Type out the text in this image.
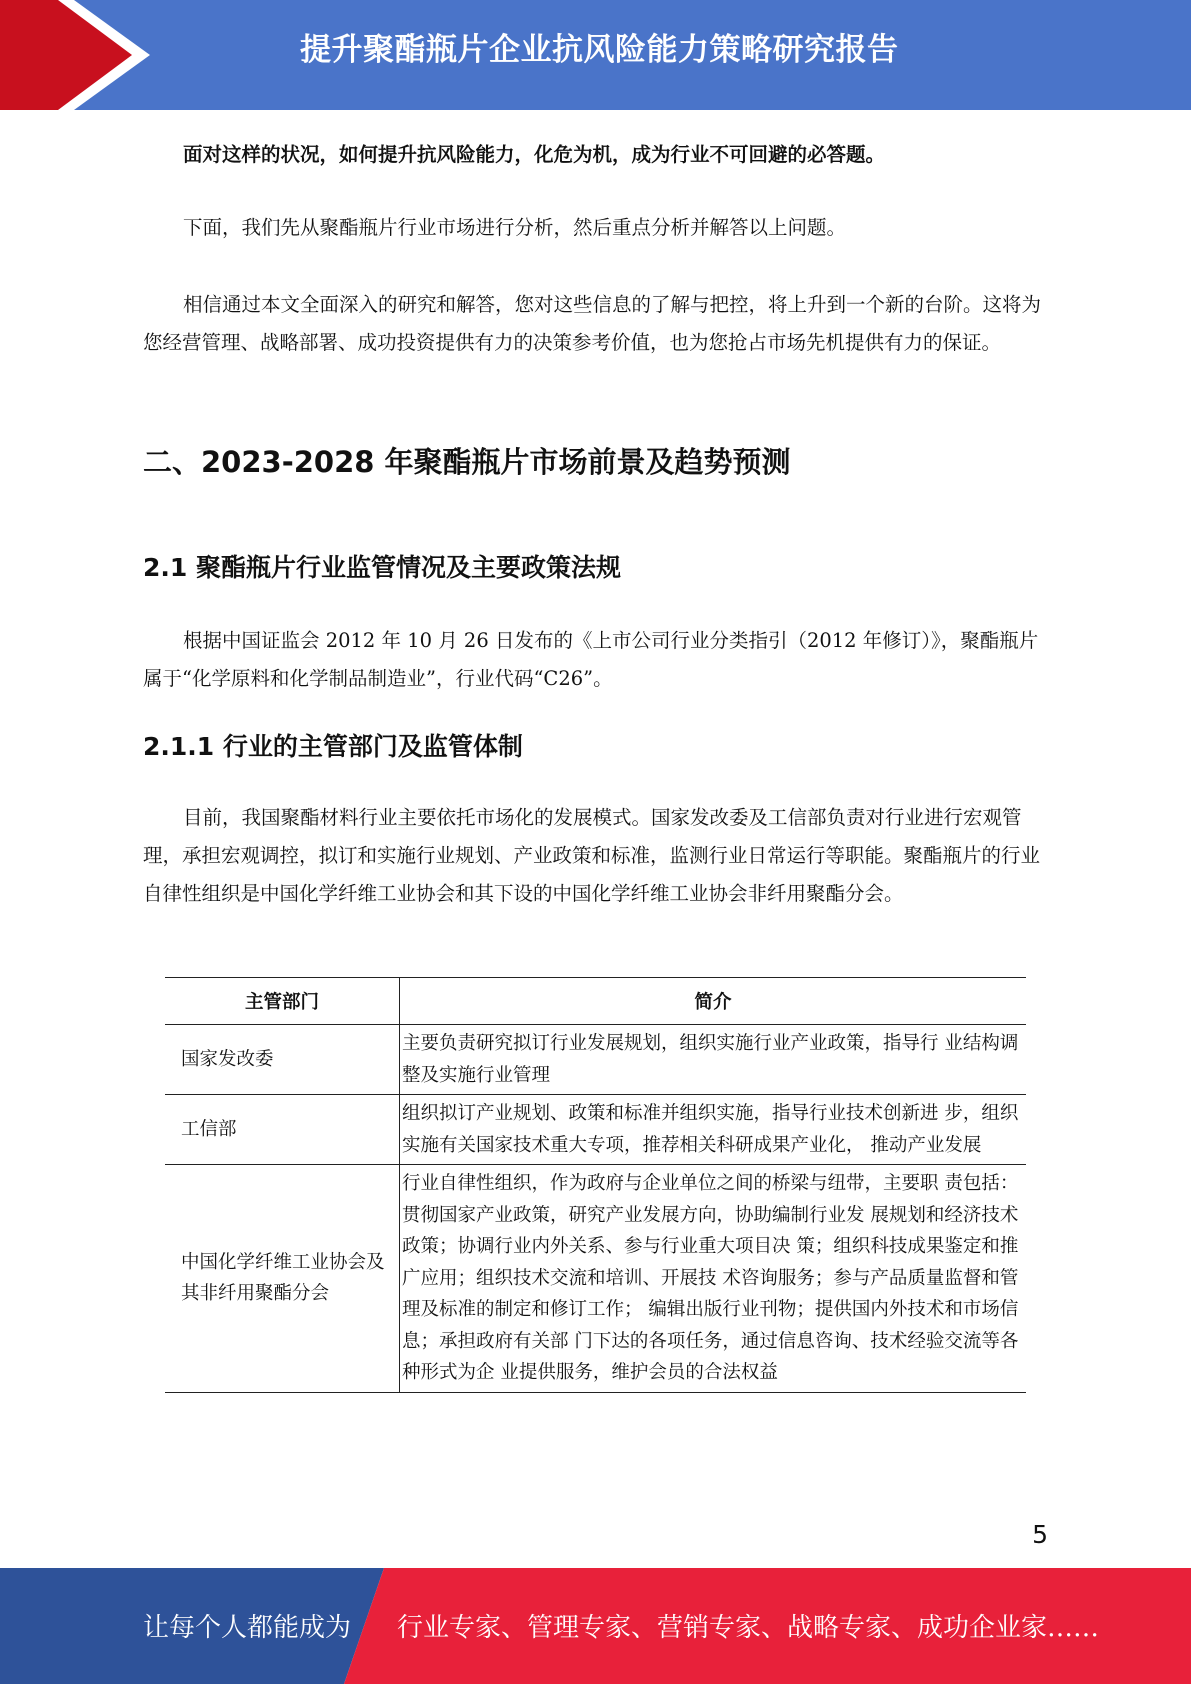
提升聚酯瓶片企业抗风险能力策略研究报告

面对这样的状况，如何提升抗风险能力，化危为机，成为行业不可回避的必答题。

下面，我们先从聚酯瓶片行业市场进行分析，然后重点分析并解答以上问题。

相信通过本文全面深入的研究和解答，您对这些信息的了解与把控，将上升到一个新的台阶。这将为您经营管理、战略部署、成功投资提供有力的决策参考价值，也为您抢占市场先机提供有力的保证。

二、2023-2028 年聚酯瓶片市场前景及趋势预测
2.1 聚酯瓶片行业监管情况及主要政策法规

根据中国证监会 2012 年 10 月 26 日发布的《上市公司行业分类指引（2012 年修订）》，聚酯瓶片属于“化学原料和化学制品制造业”，行业代码“C26”。

2.1.1 行业的主管部门及监管体制

目前，我国聚酯材料行业主要依托市场化的发展模式。国家发改委及工信部负责对行业进行宏观管理，承担宏观调控，拟订和实施行业规划、产业政策和标准，监测行业日常运行等职能。聚酯瓶片的行业自律性组织是中国化学纤维工业协会和其下设的中国化学纤维工业协会非纤用聚酯分会。

主管部门	简介
国家发改委	主要负责研究拟订行业发展规划，组织实施行业产业政策，指导行 业结构调整及实施行业管理
工信部	组织拟订产业规划、政策和标准并组织实施，指导行业技术创新进 步，组织实施有关国家技术重大专项，推荐相关科研成果产业化， 推动产业发展
中国化学纤维工业协会及其非纤用聚酯分会	行业自律性组织，作为政府与企业单位之间的桥梁与纽带，主要职 责包括：贯彻国家产业政策，研究产业发展方向，协助编制行业发 展规划和经济技术政策；协调行业内外关系、参与行业重大项目决 策；组织科技成果鉴定和推广应用；组织技术交流和培训、开展技 术咨询服务；参与产品质量监督和管理及标准的制定和修订工作； 编辑出版行业刊物；提供国内外技术和市场信息；承担政府有关部 门下达的各项任务，通过信息咨询、技术经验交流等各种形式为企 业提供服务，维护会员的合法权益
5
让每个人都能成为 行业专家、管理专家、营销专家、战略专家、成功企业家……
